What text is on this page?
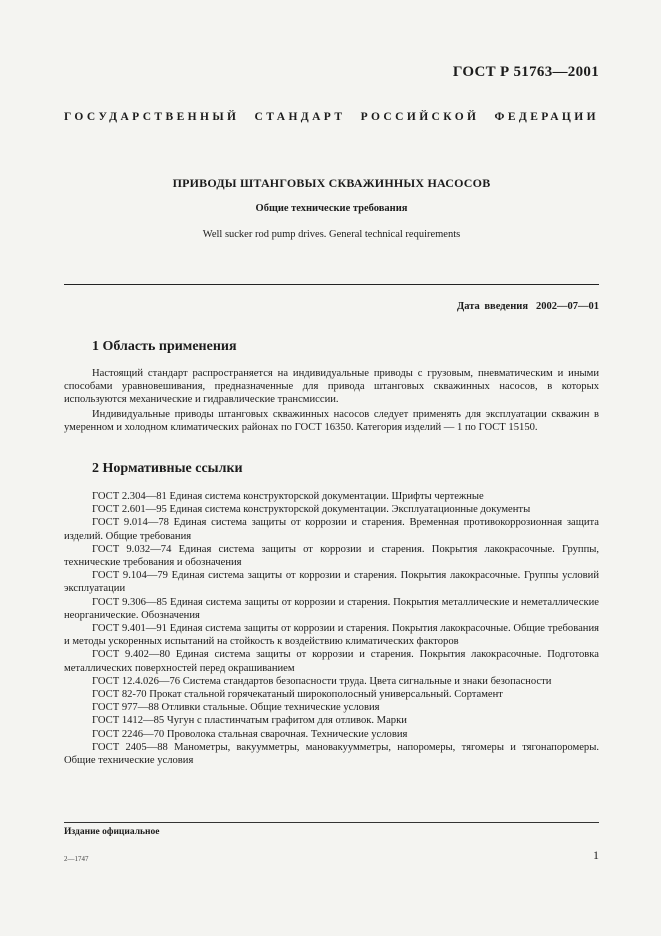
ГОСТ Р 51763—2001
ГОСУДАРСТВЕННЫЙ СТАНДАРТ РОССИЙСКОЙ ФЕДЕРАЦИИ
ПРИВОДЫ ШТАНГОВЫХ СКВАЖИННЫХ НАСОСОВ
Общие технические требования
Well sucker rod pump drives. General technical requirements
Дата введения 2002—07—01
1 Область применения
Настоящий стандарт распространяется на индивидуальные приводы с грузовым, пневматическим и иными способами уравновешивания, предназначенные для привода штанговых скважинных насосов, в которых используются механические и гидравлические трансмиссии.
Индивидуальные приводы штанговых скважинных насосов следует применять для эксплуатации скважин в умеренном и холодном климатических районах по ГОСТ 16350. Категория изделий — 1 по ГОСТ 15150.
2 Нормативные ссылки

ГОСТ 2.304—81 Единая система конструкторской документации. Шрифты чертежные

ГОСТ 2.601—95 Единая система конструкторской документации. Эксплуатационные документы

ГОСТ 9.014—78 Единая система защиты от коррозии и старения. Временная противокоррозионная защита изделий. Общие требования

ГОСТ 9.032—74 Единая система защиты от коррозии и старения. Покрытия лакокрасочные. Группы, технические требования и обозначения

ГОСТ 9.104—79 Единая система защиты от коррозии и старения. Покрытия лакокрасочные. Группы условий эксплуатации

ГОСТ 9.306—85 Единая система защиты от коррозии и старения. Покрытия металлические и неметаллические неорганические. Обозначения

ГОСТ 9.401—91 Единая система защиты от коррозии и старения. Покрытия лакокрасочные. Общие требования и методы ускоренных испытаний на стойкость к воздействию климатических факторов

ГОСТ 9.402—80 Единая система защиты от коррозии и старения. Покрытия лакокрасочные. Подготовка металлических поверхностей перед окрашиванием

ГОСТ 12.4.026—76 Система стандартов безопасности труда. Цвета сигнальные и знаки безопасности

ГОСТ 82-70 Прокат стальной горячекатаный широкополосный универсальный. Сортамент

ГОСТ 977—88 Отливки стальные. Общие технические условия

ГОСТ 1412—85 Чугун с пластинчатым графитом для отливок. Марки

ГОСТ 2246—70 Проволока стальная сварочная. Технические условия

ГОСТ 2405—88 Манометры, вакуумметры, мановакуумметры, напоромеры, тягомеры и тягонапоромеры. Общие технические условия

Издание официальное
2—1747	1
